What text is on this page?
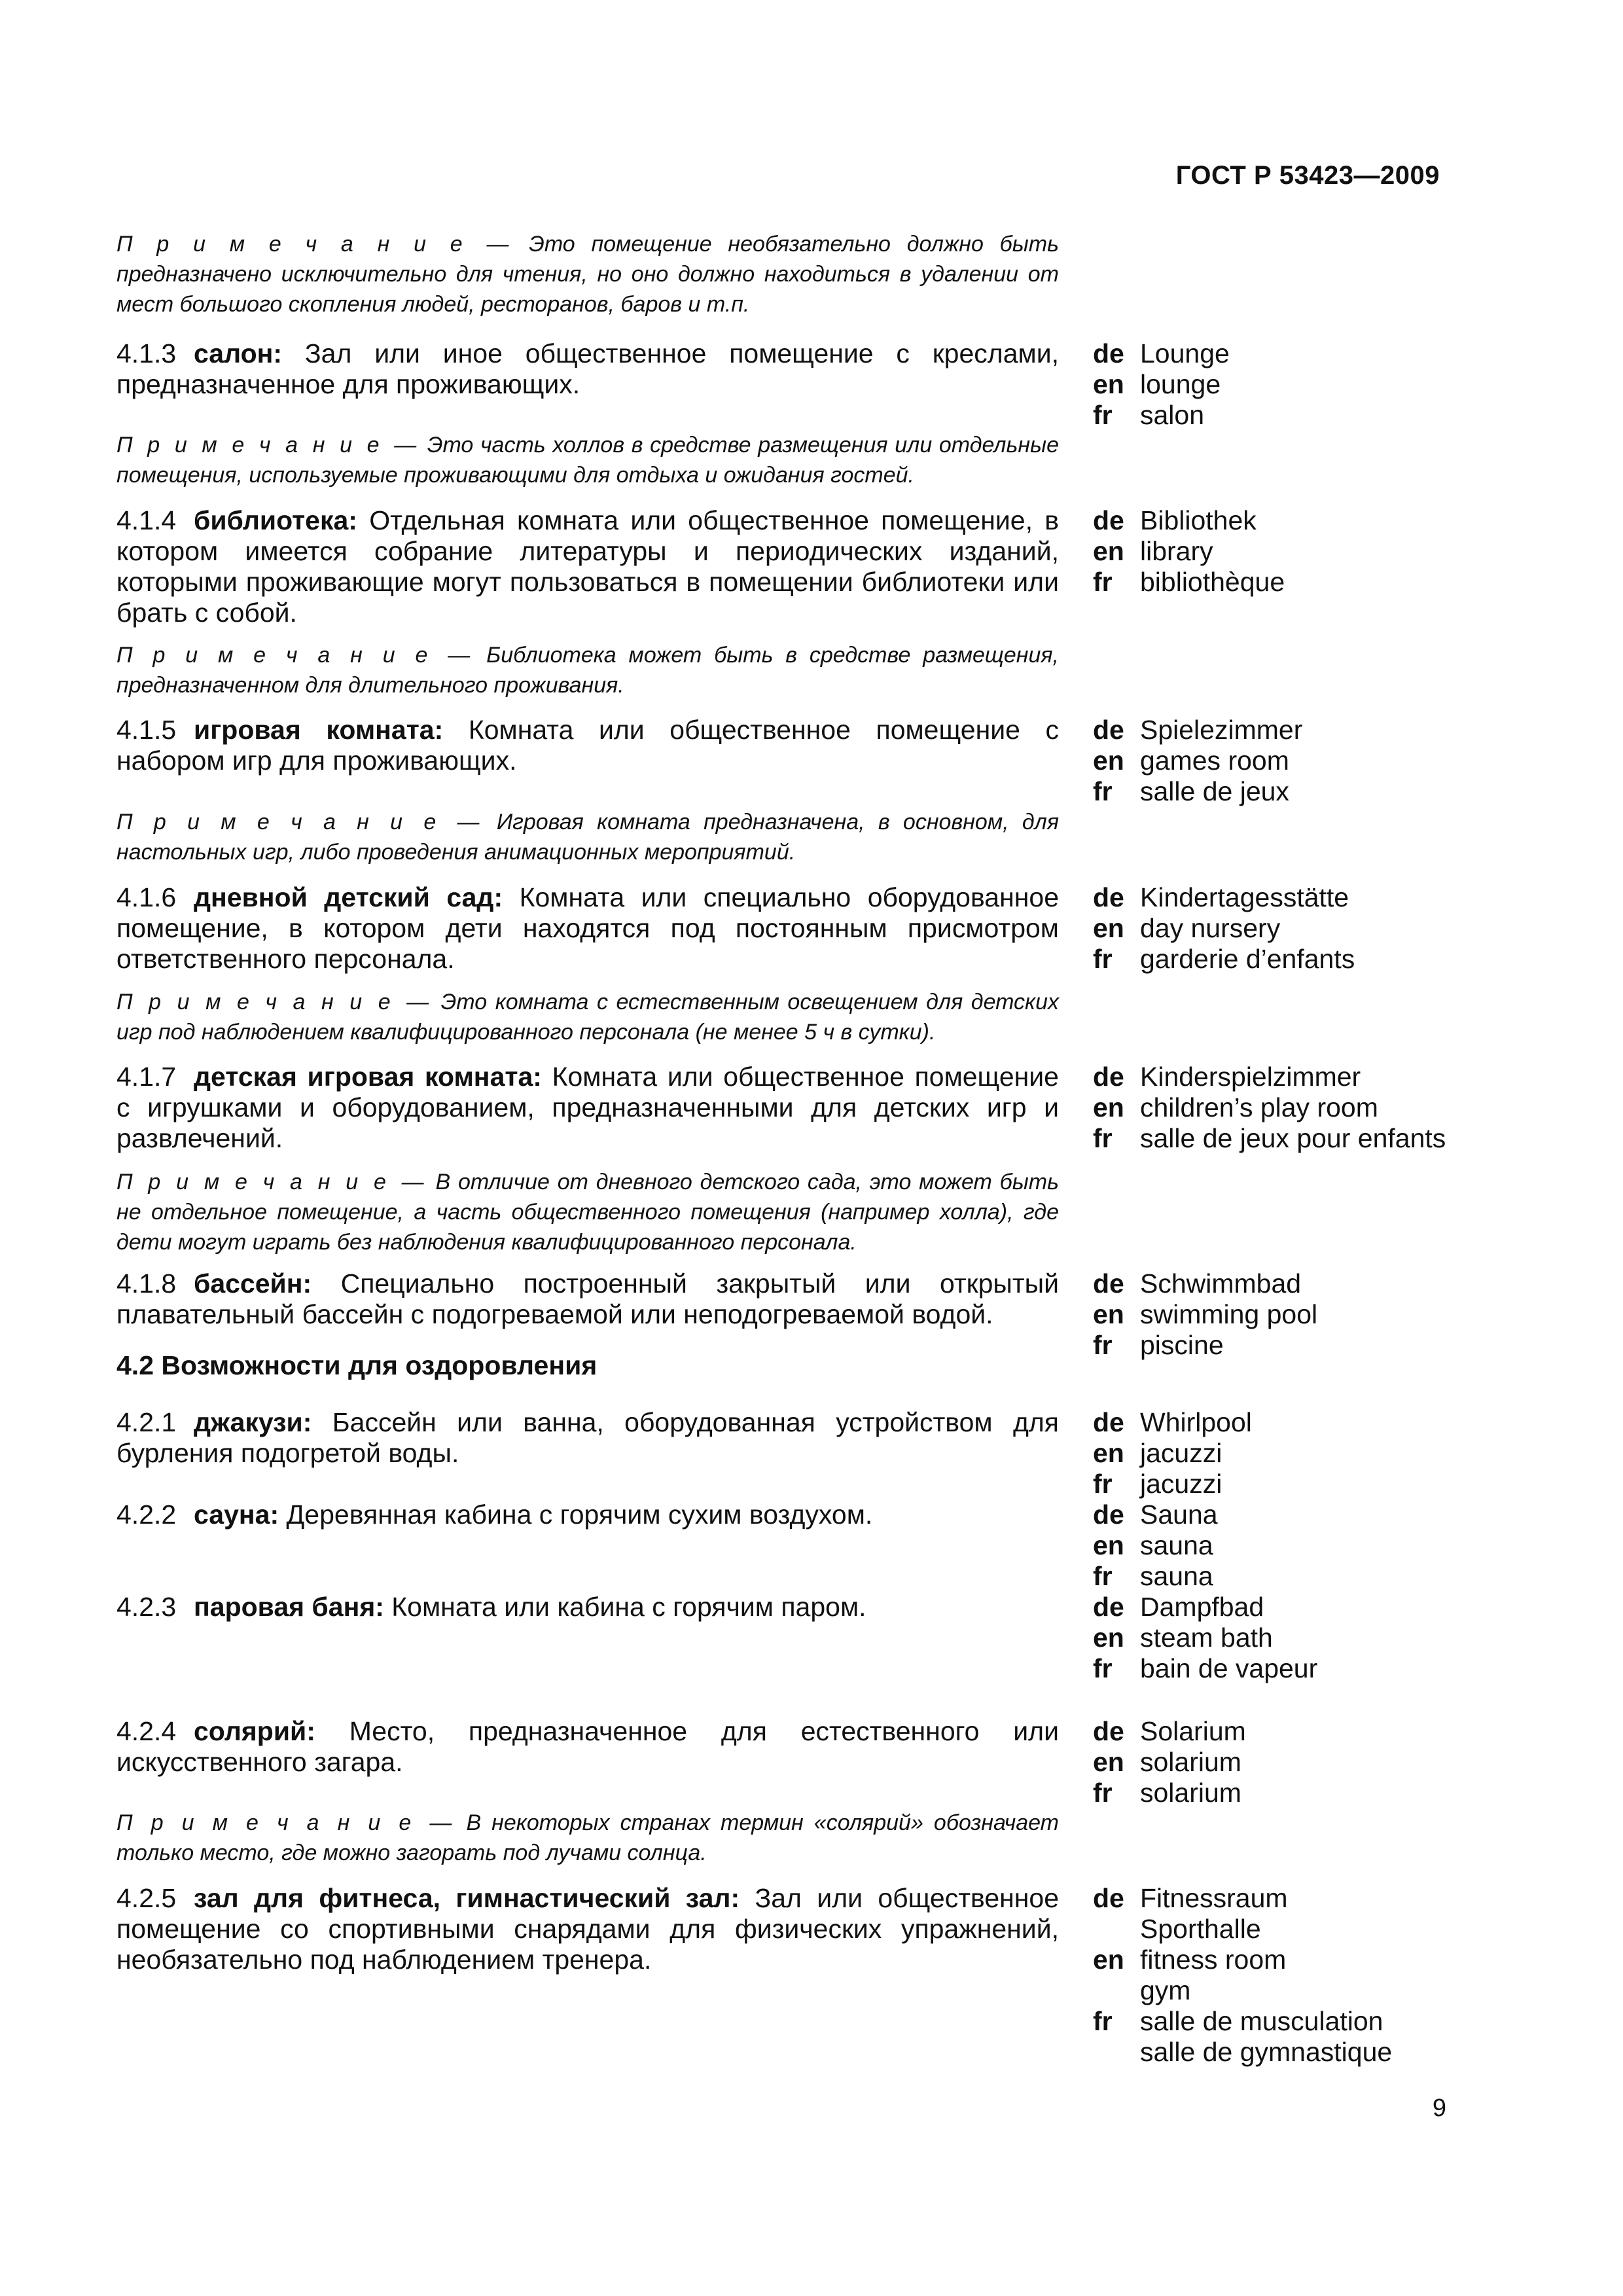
ГОСТ Р 53423—2009
П р и м е ч а н и е — Это помещение необязательно должно быть предназначено исключительно для чтения, но оно должно находиться в удалении от мест большого скопления людей, ресторанов, баров и т.п.
4.1.3 салон: Зал или иное общественное помещение с креслами, предназначенное для проживающих.
de Lounge
en lounge
fr salon
П р и м е ч а н и е — Это часть холлов в средстве размещения или отдельные помещения, используемые проживающими для отдыха и ожидания гостей.
4.1.4 библиотека: Отдельная комната или общественное помещение, в котором имеется собрание литературы и периодических изданий, которыми проживающие могут пользоваться в помещении библиотеки или брать с собой.
de Bibliothek
en library
fr bibliothèque
П р и м е ч а н и е — Библиотека может быть в средстве размещения, предназначенном для длительного проживания.
4.1.5 игровая комната: Комната или общественное помещение с набором игр для проживающих.
de Spielezimmer
en games room
fr salle de jeux
П р и м е ч а н и е — Игровая комната предназначена, в основном, для настольных игр, либо проведения анимационных мероприятий.
4.1.6 дневной детский сад: Комната или специально оборудованное помещение, в котором дети находятся под постоянным присмотром ответственного персонала.
de Kindertagesstätte
en day nursery
fr garderie d’enfants
П р и м е ч а н и е — Это комната с естественным освещением для детских игр под наблюдением квалифицированного персонала (не менее 5 ч в сутки).
4.1.7 детская игровая комната: Комната или общественное помещение с игрушками и оборудованием, предназначенными для детских игр и развлечений.
de Kinderspielzimmer
en children’s play room
fr salle de jeux pour enfants
П р и м е ч а н и е — В отличие от дневного детского сада, это может быть не отдельное помещение, а часть общественного помещения (например холла), где дети могут играть без наблюдения квалифицированного персонала.
4.1.8 бассейн: Специально построенный закрытый или открытый плавательный бассейн с подогреваемой или неподогреваемой водой.
de Schwimmbad
en swimming pool
fr piscine
4.2 Возможности для оздоровления
4.2.1 джакузи: Бассейн или ванна, оборудованная устройством для бурления подогретой воды.
de Whirlpool
en jacuzzi
fr jacuzzi
4.2.2 сауна: Деревянная кабина с горячим сухим воздухом.	de Sauna
en sauna
fr sauna
4.2.3 паровая баня: Комната или кабина с горячим паром.	de Dampfbad
en steam bath
fr bain de vapeur
4.2.4 солярий: Место, предназначенное для естественного или искусственного загара.
de Solarium
en solarium
fr solarium
П р и м е ч а н и е — В некоторых странах термин «солярий» обозначает только место, где можно загорать под лучами солнца.
4.2.5 зал для фитнеса, гимнастический зал: Зал или общественное помещение со спортивными снарядами для физических упражнений, необязательно под наблюдением тренера.
de Fitnessraum
Sporthalle
en fitness room
gym
fr salle de musculation
salle de gymnastique
9
